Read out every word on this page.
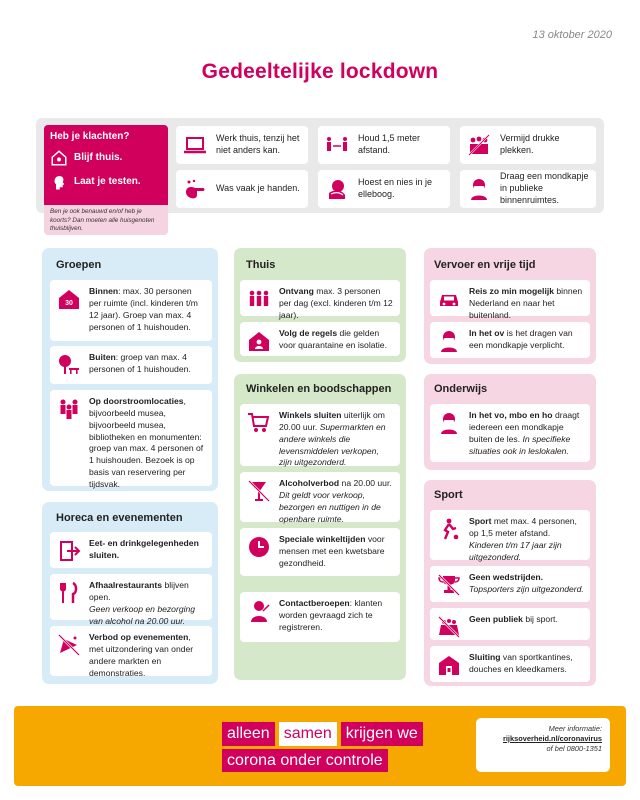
13 oktober 2020
Gedeeltelijke lockdown
Heb je klachten?
Blijf thuis.
Laat je testen.
Ben je ook benauwd en/of heb je koorts? Dan moeten alle huisgenoten thuisblijven.
Werk thuis, tenzij het niet anders kan.
Houd 1,5 meter afstand.
Vermijd drukke plekken.
Was vaak je handen.
Hoest en nies in je elleboog.
Draag een mondkapje in publieke binnenruimtes.
Groepen
30
Binnen: max. 30 personen per ruimte (incl. kinderen t/m 12 jaar). Groep van max. 4 personen of 1 huishouden.
Buiten: groep van max. 4 personen of 1 huishouden.
Op doorstroomlocaties, bijvoorbeeld musea, bijvoorbeeld musea, bibliotheken en monumenten: groep van max. 4 personen of 1 huishouden. Bezoek is op basis van reservering per tijdsvak.
Horeca en evenementen
Eet- en drinkgelegenheden sluiten.
Afhaalrestaurants blijven open.
Geen verkoop en bezorging van alcohol na 20.00 uur.
Verbod op evenementen, met uitzondering van onder andere markten en demonstraties.
Thuis
Ontvang max. 3 personen per dag (excl. kinderen t/m 12 jaar).
Volg de regels die gelden voor quarantaine en isolatie.
Winkelen en boodschappen
Winkels sluiten uiterlijk om 20.00 uur. Supermarkten en andere winkels die levensmiddelen verkopen, zijn uitgezonderd.
Alcoholverbod na 20.00 uur.
Dit geldt voor verkoop, bezorgen en nuttigen in de openbare ruimte.
Speciale winkeltijden voor mensen met een kwetsbare gezondheid.
Contactberoepen: klanten worden gevraagd zich te registreren.
Vervoer en vrije tijd
Reis zo min mogelijk binnen Nederland en naar het buitenland.
In het ov is het dragen van een mondkapje verplicht.
Onderwijs
In het vo, mbo en ho draagt iedereen een mondkapje buiten de les. In specifieke situaties ook in leslokalen.
Sport
Sport met max. 4 personen, op 1,5 meter afstand. Kinderen t/m 17 jaar zijn uitgezonderd.
Geen wedstrijden. Topsporters zijn uitgezonderd.
Geen publiek bij sport.
Sluiting van sportkantines, douches en kleedkamers.
alleen samen krijgen we
corona onder controle
Meer informatie:
rijksoverheid.nl/coronavirus
of bel 0800-1351
